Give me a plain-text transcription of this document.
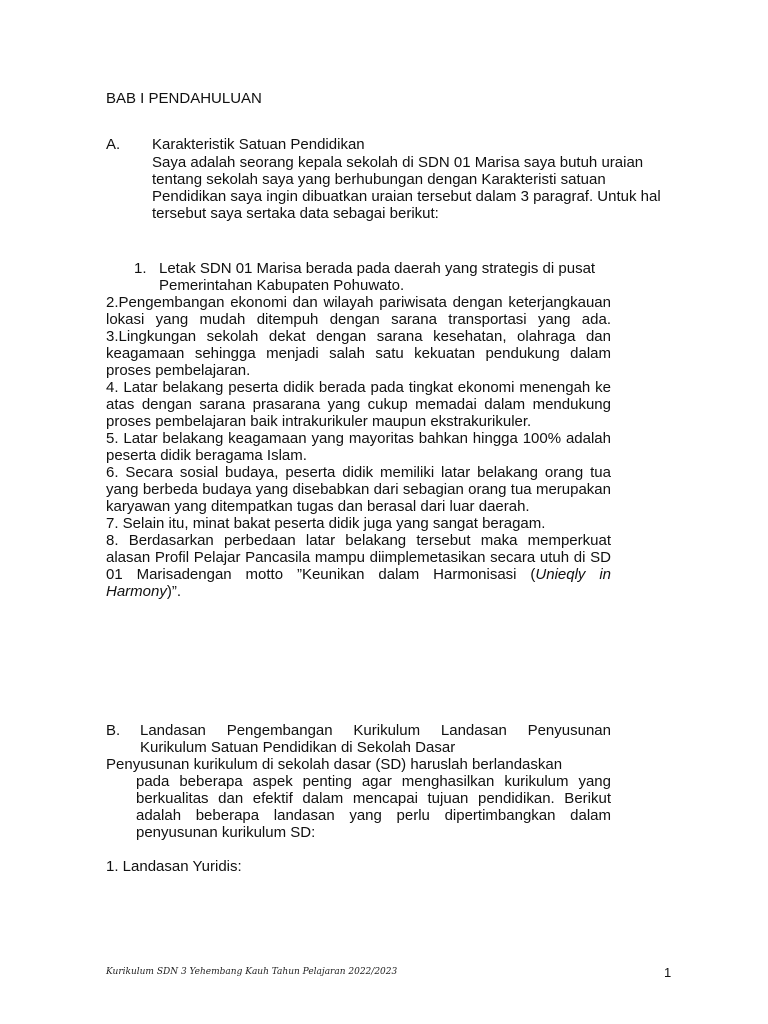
BAB I PENDAHULUAN
A. Karakteristik Satuan Pendidikan
Saya adalah seorang kepala sekolah di SDN 01 Marisa saya butuh uraian tentang sekolah saya yang berhubungan dengan Karakteristi satuan Pendidikan saya ingin dibuatkan uraian tersebut dalam 3 paragraf. Untuk hal tersebut saya sertaka data sebagai berikut:
1. Letak SDN 01 Marisa berada pada daerah yang strategis di pusat Pemerintahan Kabupaten Pohuwato.

2.Pengembangan ekonomi dan wilayah pariwisata dengan keterjangkauan lokasi yang mudah ditempuh dengan sarana transportasi yang ada. 3.Lingkungan sekolah dekat dengan sarana kesehatan, olahraga dan keagamaan sehingga menjadi salah satu kekuatan pendukung dalam proses pembelajaran.

4. Latar belakang peserta didik berada pada tingkat ekonomi menengah ke atas dengan sarana prasarana yang cukup memadai dalam mendukung proses pembelajaran baik intrakurikuler maupun ekstrakurikuler.

5. Latar belakang keagamaan yang mayoritas bahkan hingga 100% adalah peserta didik beragama Islam.

6. Secara sosial budaya, peserta didik memiliki latar belakang orang tua yang berbeda budaya yang disebabkan dari sebagian orang tua merupakan karyawan yang ditempatkan tugas dan berasal dari luar daerah.

7. Selain itu, minat bakat peserta didik juga yang sangat beragam.

8. Berdasarkan perbedaan latar belakang tersebut maka memperkuat alasan Profil Pelajar Pancasila mampu diimplemetasikan secara utuh di SD 01 Marisadengan motto ”Keunikan dalam Harmonisasi (Unieqly in Harmony)”.

B.	Landasan Pengembangan Kurikulum Landasan Penyusunan
Kurikulum Satuan Pendidikan di Sekolah Dasar
Penyusunan kurikulum di sekolah dasar (SD) haruslah berlandaskan
pada beberapa aspek penting agar menghasilkan kurikulum yang berkualitas dan efektif dalam mencapai tujuan pendidikan. Berikut adalah beberapa landasan yang perlu dipertimbangkan dalam penyusunan kurikulum SD:
1. Landasan Yuridis:
Kurikulum SDN 3 Yehembang Kauh Tahun Pelajaran 2022/2023	1
